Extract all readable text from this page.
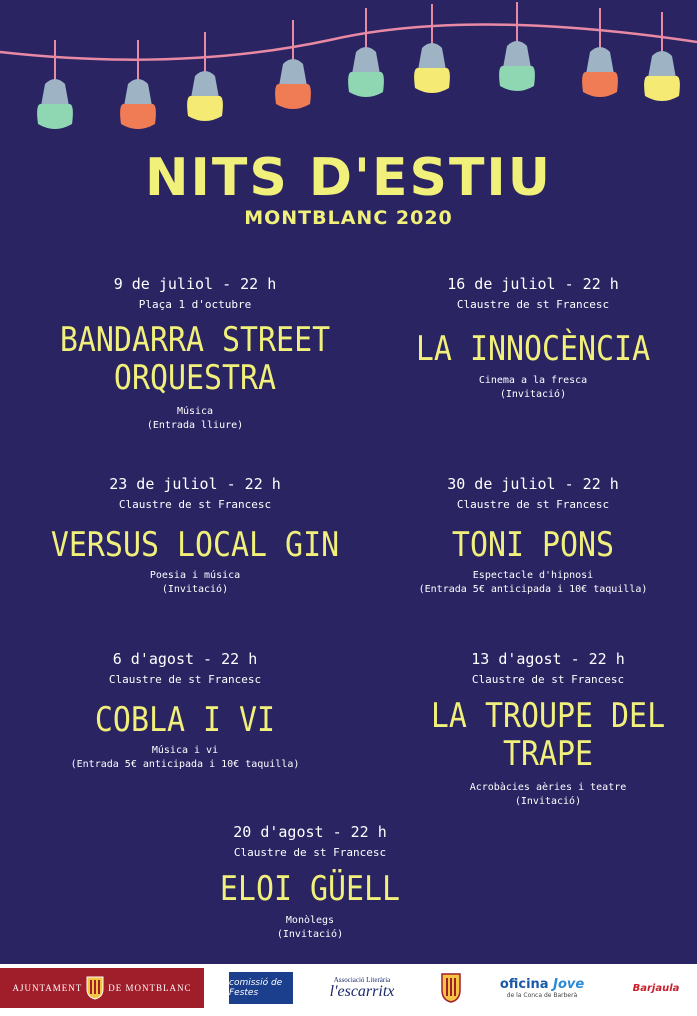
NITS D'ESTIU
MONTBLANC 2020
9 de juliol - 22 h
Plaça 1 d'octubre
BANDARRA STREET
ORQUESTRA
Música
(Entrada lliure)
16 de juliol - 22 h
Claustre de st Francesc
LA INNOCÈNCIA
Cinema a la fresca
(Invitació)
23 de juliol - 22 h
Claustre de st Francesc
VERSUS LOCAL GIN
Poesia i música
(Invitació)
30 de juliol - 22 h
Claustre de st Francesc
TONI PONS
Espectacle d'hipnosi
(Entrada 5€ anticipada i 10€ taquilla)
6 d'agost - 22 h
Claustre de st Francesc
COBLA I VI
Música i vi
(Entrada 5€ anticipada i 10€ taquilla)
13 d'agost - 22 h
Claustre de st Francesc
LA TROUPE DEL
TRAPE
Acrobàcies aèries i teatre
(Invitació)
20 d'agost - 22 h
Claustre de st Francesc
ELOI GÜELL
Monòlegs
(Invitació)
AJUNTAMENT	DE MONTBLANC	comissió de Festes
Associació Literària
l'escarritx	oficina Jove
de la Conca de Barberà
Barjaula
